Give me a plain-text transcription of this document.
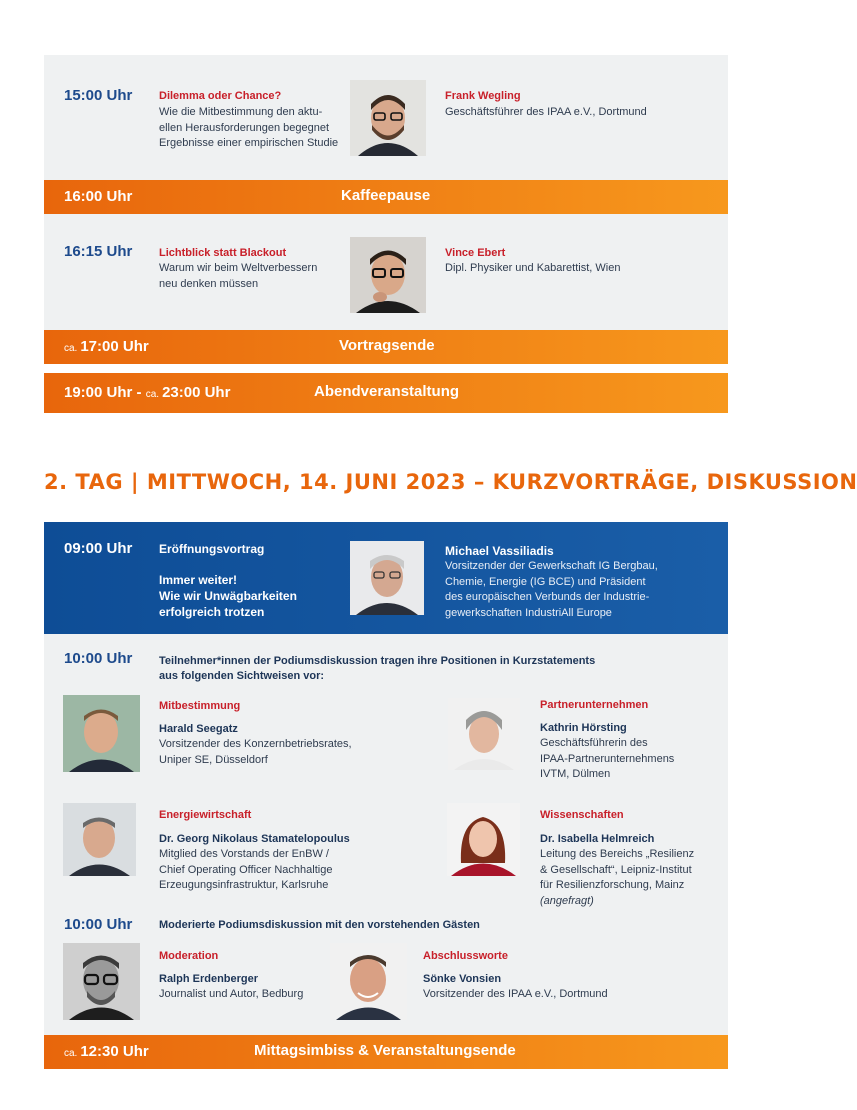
15:00 Uhr Dilemma oder Chance?
Wie die Mitbestimmung den aktu-
ellen Herausforderungen begegnet
Ergebnisse einer empirischen Studie
Frank Wegling
Geschäftsführer des IPAA e.V., Dortmund
16:00 Uhr	Kaffeepause
16:15 Uhr Lichtblick statt Blackout
Warum wir beim Weltverbessern
neu denken müssen
Vince Ebert
Dipl. Physiker und Kabarettist, Wien
ca. 17:00 Uhr	Vortragsende
19:00 Uhr - ca. 23:00 Uhr	Abendveranstaltung
2. TAG | MITTWOCH, 14. JUNI 2023 – KURZVORTRÄGE, DISKUSSION
09:00 Uhr Eröffnungsvortrag
Immer weiter!
Wie wir Unwägbarkeiten
erfolgreich trotzen
Michael Vassiliadis
Vorsitzender der Gewerkschaft IG Bergbau,
Chemie, Energie (IG BCE) und Präsident
des europäischen Verbunds der Industrie-
gewerkschaften IndustriAll Europe
10:00 Uhr Teilnehmer*innen der Podiumsdiskussion tragen ihre Positionen in Kurzstatements
aus folgenden Sichtweisen vor:
Mitbestimmung
Harald Seegatz
Vorsitzender des Konzernbetriebsrates,
Uniper SE, Düsseldorf
Partnerunternehmen
Kathrin Hörsting
Geschäftsführerin des
IPAA-Partnerunternehmens
IVTM, Dülmen
Energiewirtschaft
Dr. Georg Nikolaus Stamatelopoulus
Mitglied des Vorstands der EnBW /
Chief Operating Officer Nachhaltige
Erzeugungsinfrastruktur, Karlsruhe
Wissenschaften
Dr. Isabella Helmreich
Leitung des Bereichs „Resilienz
& Gesellschaft“, Leipniz-Institut
für Resilienzforschung, Mainz
(angefragt)
10:00 Uhr Moderierte Podiumsdiskussion mit den vorstehenden Gästen
Moderation
Ralph Erdenberger
Journalist und Autor, Bedburg
Abschlussworte
Sönke Vonsien
Vorsitzender des IPAA e.V., Dortmund
ca. 12:30 Uhr	Mittagsimbiss & Veranstaltungsende
